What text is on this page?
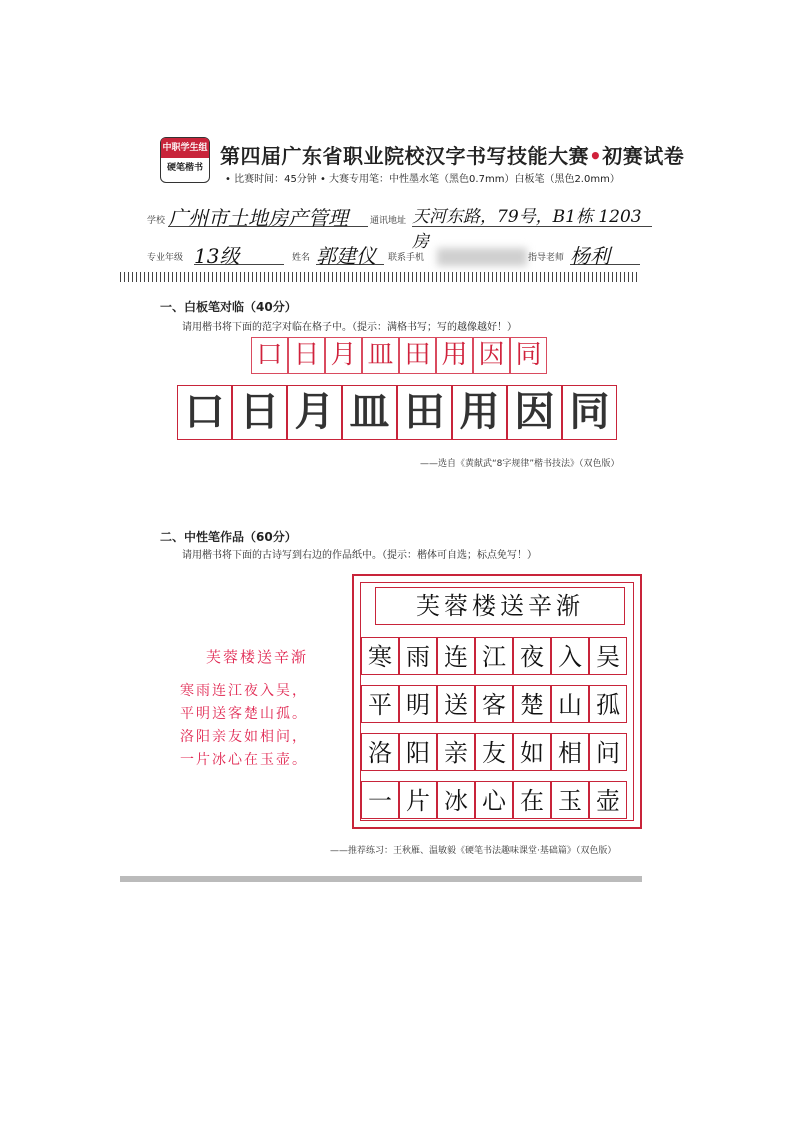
中职学生组
硬笔楷书 第四届广东省职业院校汉字书写技能大赛•初赛试卷
• 比赛时间：45分钟 • 大赛专用笔：中性墨水笔（黑色0.7mm）白板笔（黑色2.0mm）
学校 广州市土地房产管理	通讯地址 天河东路，79号，B1栋 1203房
专业年级 13级	姓名 郭建仪	联系手机	指导老师 杨利
一、白板笔对临（40分）
请用楷书将下面的范字对临在格子中。（提示：满格书写；写的越像越好！）
口 日 月 皿 田 用 因 同
口 日 月 皿 田 用 因 同
——选自《黄献武“8字规律”楷书技法》（双色版）
二、中性笔作品（60分）
请用楷书将下面的古诗写到右边的作品纸中。（提示：楷体可自选；标点免写！）
芙蓉楼送辛渐
寒雨连江夜入吴，
平明送客楚山孤。
洛阳亲友如相问，
一片冰心在玉壶。
芙蓉楼送辛渐
寒 雨 连 江 夜 入 吴
平 明 送 客 楚 山 孤
洛 阳 亲 友 如 相 问
一 片 冰 心 在 玉 壶
——推荐练习：王秋雁、温敏毅《硬笔书法趣味课堂·基础篇》（双色版）
